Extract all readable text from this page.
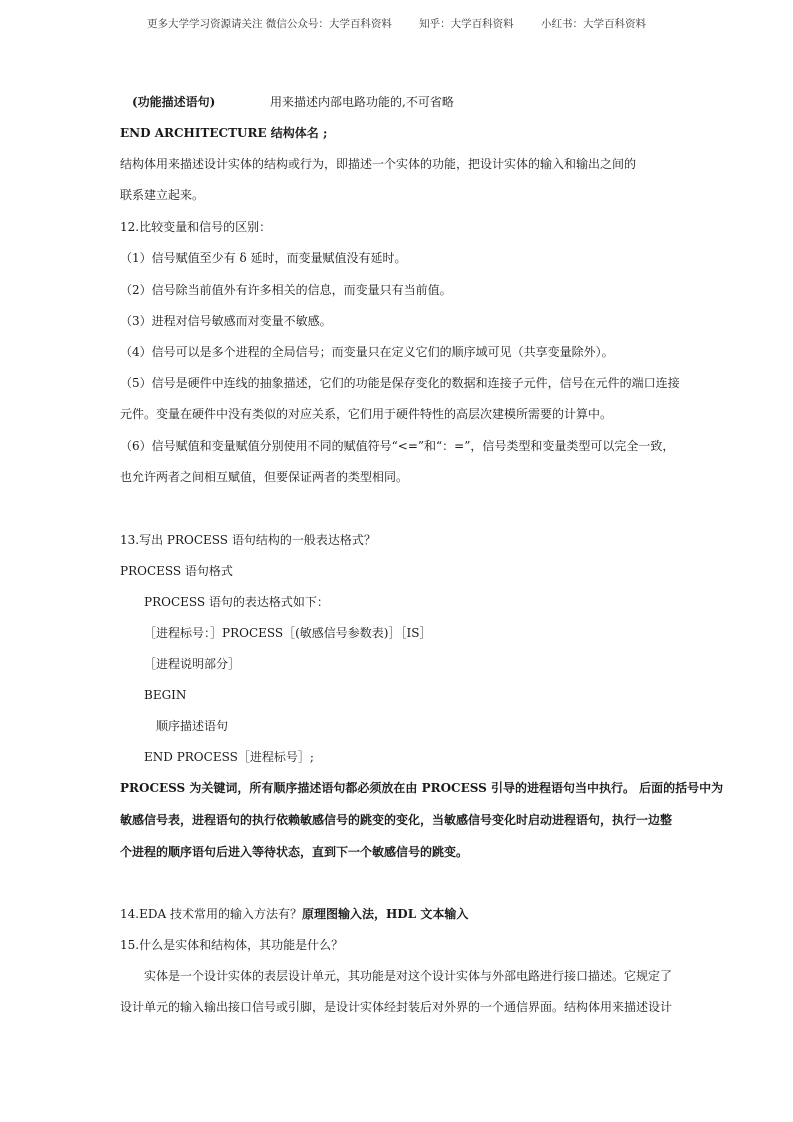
更多大学学习资源请关注 微信公众号：大学百科资料	知乎：大学百科资料	小红书：大学百科资料
(功能描述语句)	用来描述内部电路功能的,不可省略
END ARCHITECTURE 结构体名 ;
结构体用来描述设计实体的结构或行为，即描述一个实体的功能，把设计实体的输入和输出之间的
联系建立起来。
12.比较变量和信号的区别：
（1）信号赋值至少有 δ 延时，而变量赋值没有延时。
（2）信号除当前值外有许多相关的信息，而变量只有当前值。
（3）进程对信号敏感而对变量不敏感。
（4）信号可以是多个进程的全局信号；而变量只在定义它们的顺序域可见（共享变量除外）。
（5）信号是硬件中连线的抽象描述，它们的功能是保存变化的数据和连接子元件，信号在元件的端口连接
元件。变量在硬件中没有类似的对应关系，它们用于硬件特性的高层次建模所需要的计算中。
（6）信号赋值和变量赋值分别使用不同的赋值符号“<=”和“：=”，信号类型和变量类型可以完全一致，
也允许两者之间相互赋值，但要保证两者的类型相同。
13.写出 PROCESS 语句结构的一般表达格式？
PROCESS 语句格式
PROCESS 语句的表达格式如下：
［进程标号：］PROCESS［(敏感信号参数表)］［IS］
［进程说明部分］
BEGIN
顺序描述语句
END PROCESS［进程标号］;
PROCESS 为关键词，所有顺序描述语句都必须放在由 PROCESS 引导的进程语句当中执行。 后面的括号中为
敏感信号表，进程语句的执行依赖敏感信号的跳变的变化，当敏感信号变化时启动进程语句，执行一边整
个进程的顺序语句后进入等待状态，直到下一个敏感信号的跳变。
14.EDA 技术常用的输入方法有？原理图输入法，HDL 文本输入
15.什么是实体和结构体，其功能是什么？
实体是一个设计实体的表层设计单元，其功能是对这个设计实体与外部电路进行接口描述。它规定了
设计单元的输入输出接口信号或引脚，是设计实体经封装后对外界的一个通信界面。结构体用来描述设计
